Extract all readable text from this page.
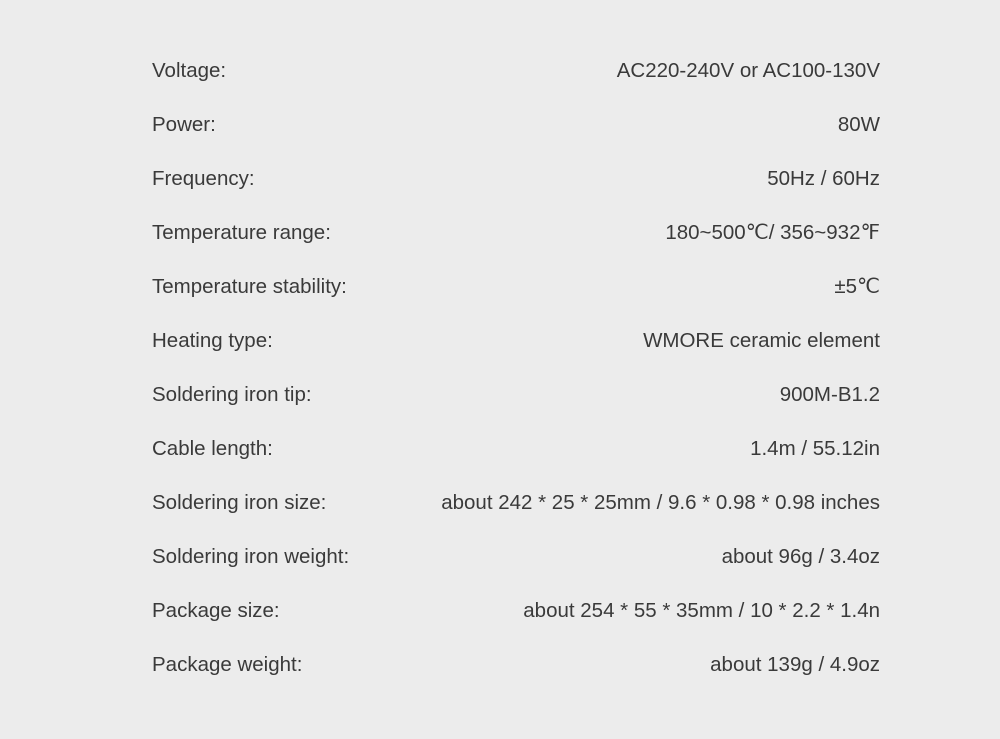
Voltage:	AC220-240V or AC100-130V
Power:	80W
Frequency:	50Hz / 60Hz
Temperature range:	180~500℃/ 356~932℉
Temperature stability:	±5℃
Heating type:	WMORE ceramic element
Soldering iron tip:	900M-B1.2
Cable length:	1.4m / 55.12in
Soldering iron size:	about 242 * 25 * 25mm / 9.6 * 0.98 * 0.98 inches
Soldering iron weight:	about 96g / 3.4oz
Package size:	about 254 * 55 * 35mm / 10 * 2.2 * 1.4n
Package weight:	about 139g / 4.9oz
